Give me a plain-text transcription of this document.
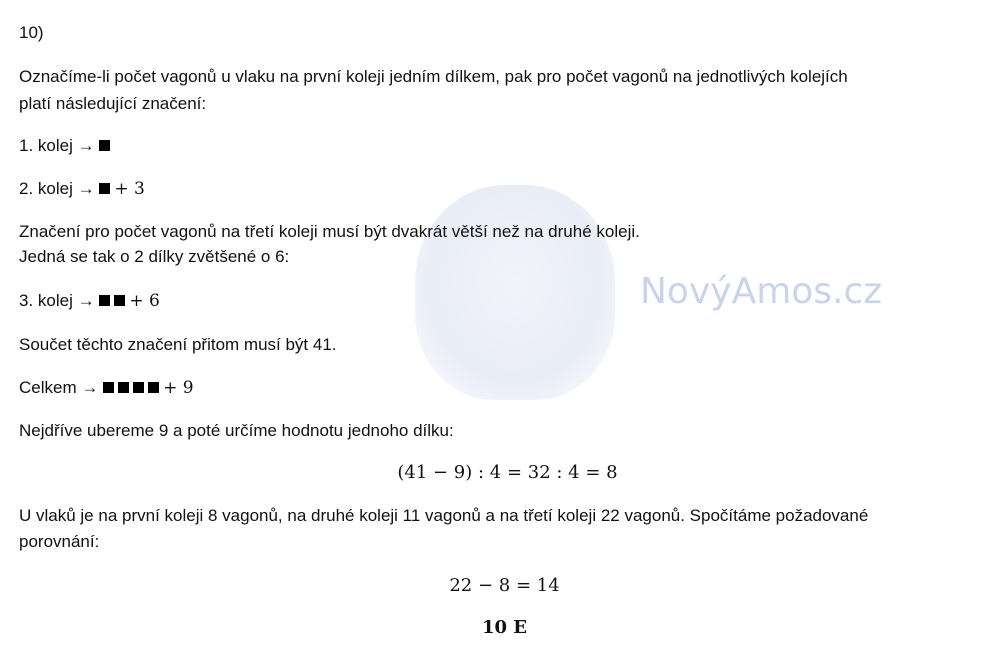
NovýAmos.cz
10)
Označíme-li počet vagonů u vlaku na první koleji jedním dílkem, pak pro počet vagonů na jednotlivých kolejích
platí následující značení:
1. kolej →
2. kolej → + 3
Značení pro počet vagonů na třetí koleji musí být dvakrát větší než na druhé koleji.
Jedná se tak o 2 dílky zvětšené o 6:
3. kolej → + 6
Součet těchto značení přitom musí být 41.
Celkem →	+ 9
Nejdříve ubereme 9 a poté určíme hodnotu jednoho dílku:
(41 − 9) : 4 = 32 : 4 = 8
U vlaků je na první koleji 8 vagonů, na druhé koleji 11 vagonů a na třetí koleji 22 vagonů. Spočítáme požadované
porovnání:
22 − 8 = 14
10 E
